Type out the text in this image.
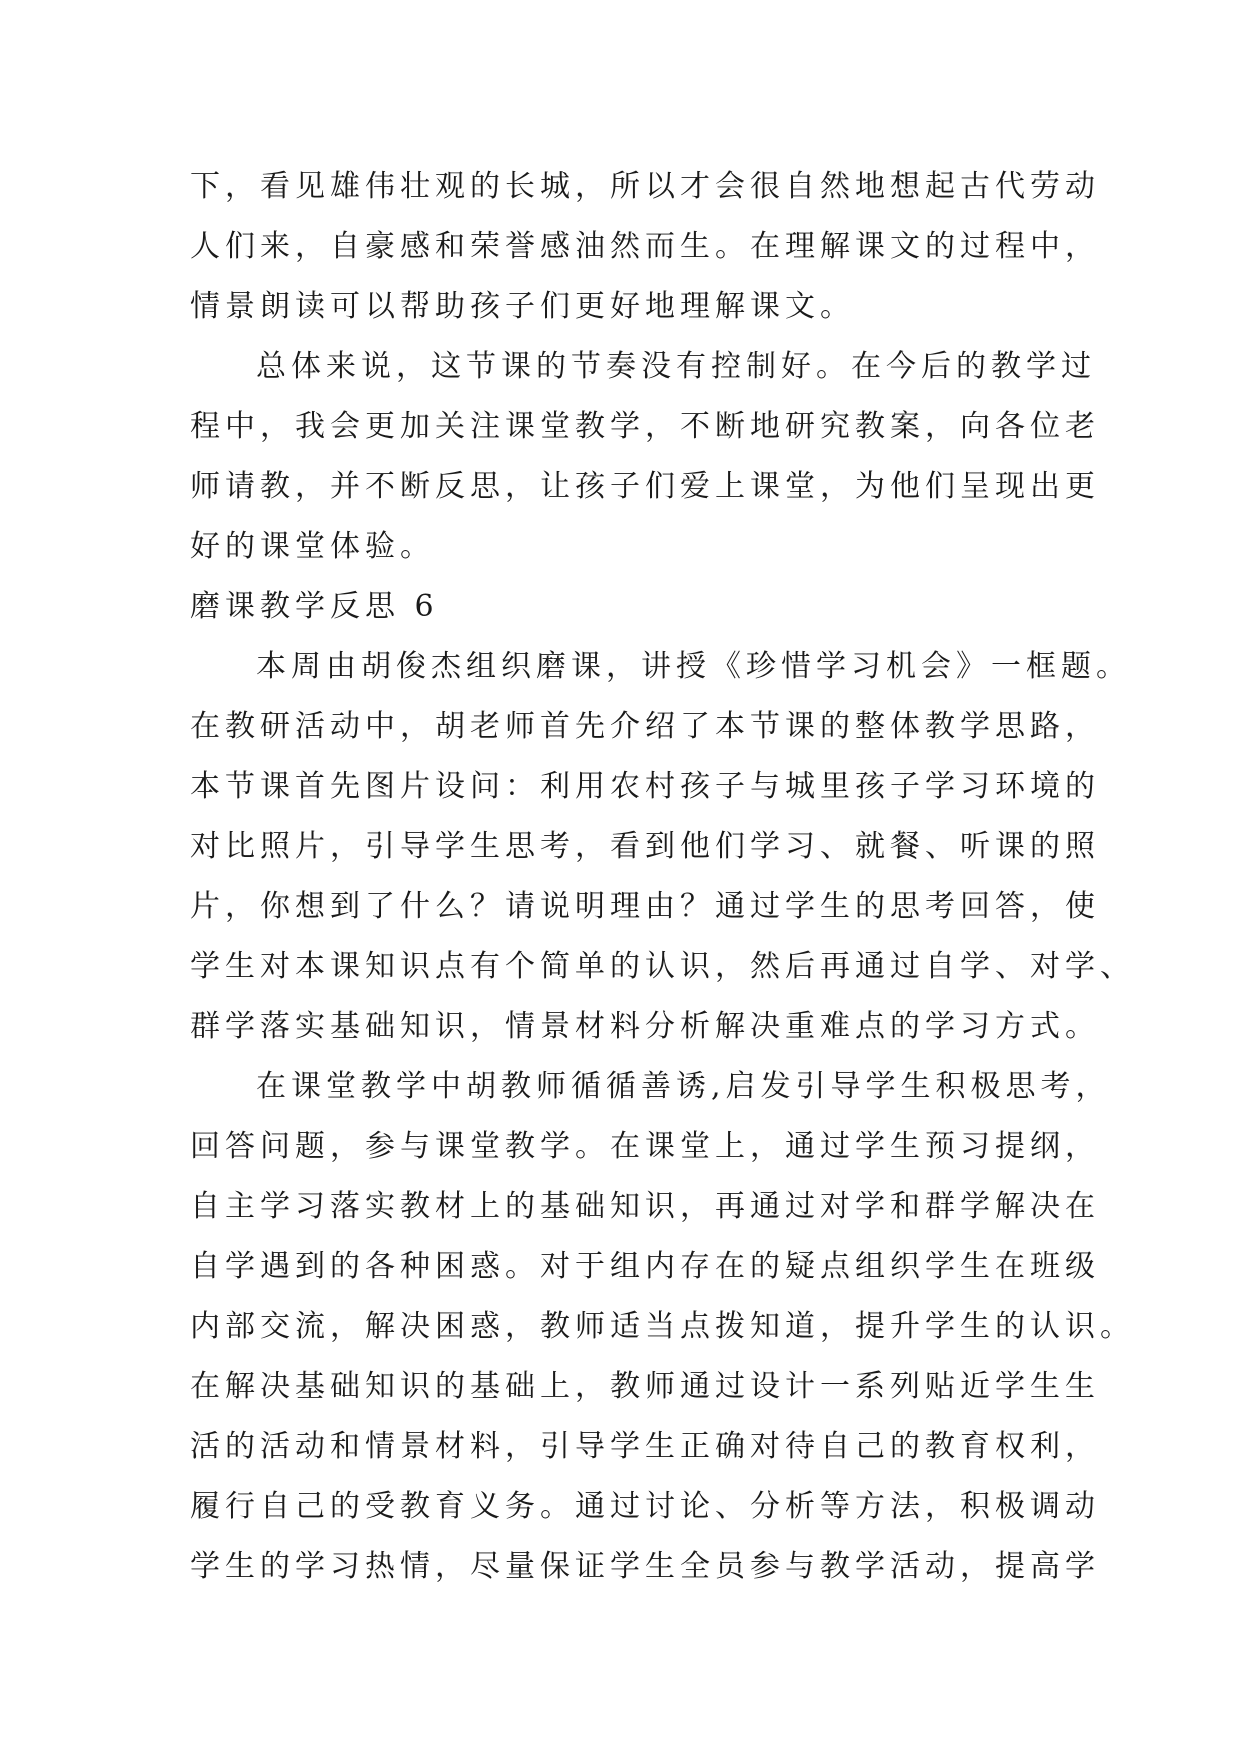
下，看见雄伟壮观的长城，所以才会很自然地想起古代劳动
人们来，自豪感和荣誉感油然而生。在理解课文的过程中，
情景朗读可以帮助孩子们更好地理解课文。
总体来说，这节课的节奏没有控制好。在今后的教学过
程中，我会更加关注课堂教学，不断地研究教案，向各位老
师请教，并不断反思，让孩子们爱上课堂，为他们呈现出更
好的课堂体验。
磨课教学反思 6
本周由胡俊杰组织磨课，讲授《珍惜学习机会》一框题。
在教研活动中，胡老师首先介绍了本节课的整体教学思路，
本节课首先图片设问：利用农村孩子与城里孩子学习环境的
对比照片，引导学生思考，看到他们学习、就餐、听课的照
片，你想到了什么？请说明理由？通过学生的思考回答，使
学生对本课知识点有个简单的认识，然后再通过自学、对学、
群学落实基础知识，情景材料分析解决重难点的学习方式。
在课堂教学中胡教师循循善诱,启发引导学生积极思考，
回答问题，参与课堂教学。在课堂上，通过学生预习提纲，
自主学习落实教材上的基础知识，再通过对学和群学解决在
自学遇到的各种困惑。对于组内存在的疑点组织学生在班级
内部交流，解决困惑，教师适当点拨知道，提升学生的认识。
在解决基础知识的基础上，教师通过设计一系列贴近学生生
活的活动和情景材料，引导学生正确对待自己的教育权利，
履行自己的受教育义务。通过讨论、分析等方法，积极调动
学生的学习热情，尽量保证学生全员参与教学活动，提高学
